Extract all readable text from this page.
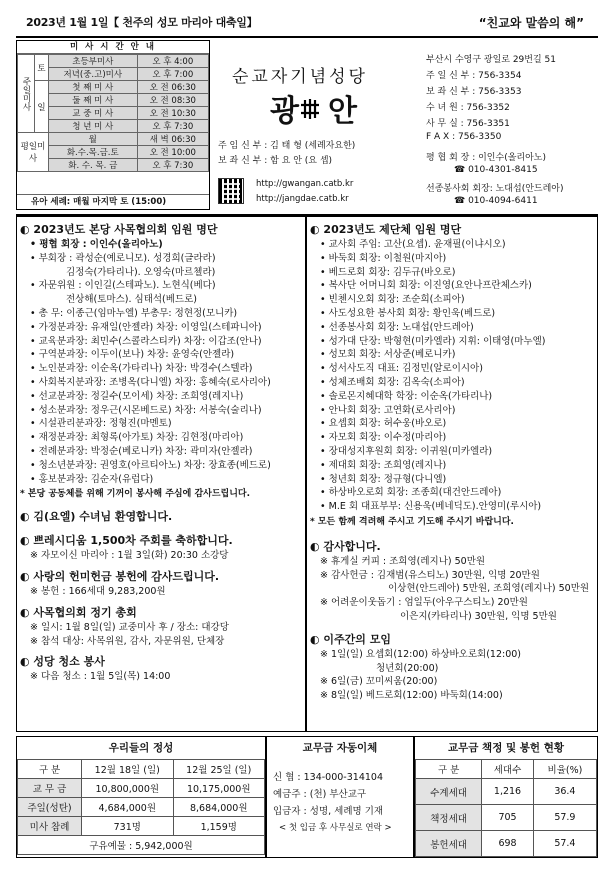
2023년 1월 1일【 천주의 성모 마리아 대축일】	“친교와 말씀의 해”
미 사 시 간 안 내
주일미사	토	초등부미사	오 후 4:00
		저녁(중.고)미사	오 후 7:00
	일	첫 째 미 사	오 전 06:30
		둘 째 미 사	오 전 08:30
		교 중 미 사	오 전 10:30
		청 년 미 사	오 후 7:30
평일미사		월	새 벽 06:30
		화.수.목.금.토	오 전 10:00
		화. 수. 목. 금	오 후 7:30
유아 세례: 매월 마지막 토 (15:00)
순교자기념성당
광 안
주 임 신 부 : 김 태 형 (세례자요한)
보 좌 신 부 : 함 요 안 (요 셉)
http://gwangan.catb.kr
http://jangdae.catb.kr
부산시 수영구 광일로 29번길 51
주 일 신 부 : 756-3354
보 좌 신 부 : 756-3353
수 녀 원 : 756-3352
사 무 실 : 756-3351
F A X : 756-3350
평 협 회 장 : 이인수(올리아노)
☎ 010-4301-8415
선종봉사회 회장: 노대섭(안드레아)
☎ 010-4094-6411
◐ 2023년도 본당 사목협의회 임원 명단
• 평협 회장 : 이인수(올리아노)
• 부회장 : 곽성순(예로니모). 성경희(글라라)
김정숙(가타리나). 오영숙(마르첼라)
• 자문위원 : 이인길(스테파노). 노현식(베다)
전상해(토마스). 심태석(베드로)
• 총 무: 이종근(임마누엘) 부총무: 정현정(모니카)
• 가정분과장: 유재일(안젤라) 차장: 이영일(스테파니아)
• 교육분과장: 최민수(스콜라스티카) 차장: 이갑조(안나)
• 구역분과장: 이두이(보나) 차장: 윤영숙(안젤라)
• 노인분과장: 이순옥(가타리나) 차장: 박경수(스텔라)
• 사회복지분과장: 조병옥(다니엘) 차장: 홍혜숙(로사리아)
• 선교분과장: 정길수(모이세) 차장: 조희영(레지나)
• 성소분과장: 정우근(시몬베드로) 차장: 서봉숙(술리나)
• 시설관리분과장: 정형진(마멘토)
• 재정분과장: 최형록(아가토) 차장: 김현정(마리아)
• 전례분과장: 박정순(베로니카) 차장: 곽미자(안젤라)
• 청소년분과장: 권영호(아르티아노) 차장: 장효종(베드로)
• 홍보분과장: 김순자(유럽다)
* 본당 공동체를 위해 기꺼이 봉사해 주심에 감사드립니다.
◐ 김(요엘) 수녀님 환영합니다.
◐ 쁘레시디움 1,500차 주회를 축하합니다.
※ 자모이신 마리아 : 1월 3일(화) 20:30 소강당
◐ 사랑의 헌미헌금 봉헌에 감사드립니다.
※ 봉헌 : 166세대 9,283,200원
◐ 사목협의회 정기 총회
※ 일시: 1월 8일(일) 교중미사 후 / 장소: 대강당
※ 참석 대상: 사목위원, 감사, 자문위원, 단체장
◐ 성당 청소 봉사
※ 다음 청소 : 1월 5일(목) 14:00
◐ 2023년도 제단체 임원 명단
• 교사회 주임: 고산(요셉). 윤재필(이냐시오)
• 바둑회 회장: 이철원(마지아)
• 베드로회 회장: 김두규(바오로)
• 복사단 어머니회 회장: 이진영(요안나프란체스카)
• 빈첸시오회 회장: 조순희(소피아)
• 사도성요한 봉사회 회장: 황인욱(베드로)
• 선종봉사회 회장: 노대섭(안드레아)
• 성가대 단장: 박형현(미카엘라) 지휘: 이태영(마누엘)
• 성모회 회장: 서상준(베로니카)
• 성서사도직 대표: 김정민(알로이시아)
• 성체조배회 회장: 김옥숙(소피아)
• 솔로몬지혜대학 학장: 이순옥(가타리나)
• 안나회 회장: 고연화(로사리아)
• 요셉회 회장: 허수웅(바오로)
• 자모회 회장: 이수정(마리아)
• 장대성지후원회 회장: 이귀원(미카엘라)
• 제대회 회장: 조희영(레지나)
• 청년회 회장: 정규형(다니엘)
• 하상바오로회 회장: 조종희(대건안드레아)
• M.E 회 대표부부: 신용욱(베네딕도).안영미(루시아)
* 모든 함께 격려해 주시고 기도해 주시기 바랍니다.
◐ 감사합니다.
※ 휴게실 커피 : 조희영(레지나) 50만원
※ 감사헌금 : 김재범(유스티노) 30만원, 익명 20만원
이상현(안드레아) 5만원, 조희영(레지나) 50만원
※ 어려운이웃돕기 : 엄일두(아우구스티노) 20만원
이은지(카타리나) 30만원, 익명 5만원
◐ 이주간의 모임
※ 1일(일) 요셉회(12:00) 하상바오로회(12:00)
청년회(20:00)
※ 6일(금) 꼬미씨움(20:00)
※ 8일(일) 베드로회(12:00) 바둑회(14:00)
우리들의 정성
구 분	12월 18일 (일)	12월 25일 (일)
교 무 금	10,800,000원	10,175,000원
주일(성탄)	4,684,000원	8,684,000원
미사 참례	731명	1,159명
구유예물 : 5,942,000원		
교무금 자동이체
신 협 : 134-000-314104
예금주 : (천) 부산교구
입금자 : 성명, 세례명 기재
< 첫 입금 후 사무실로 연락 >
교무금 책정 및 봉헌 현황
구 분	세대수	비율(%)
수계세대	1,216	36.4
책정세대	705	57.9
봉헌세대	698	57.4
